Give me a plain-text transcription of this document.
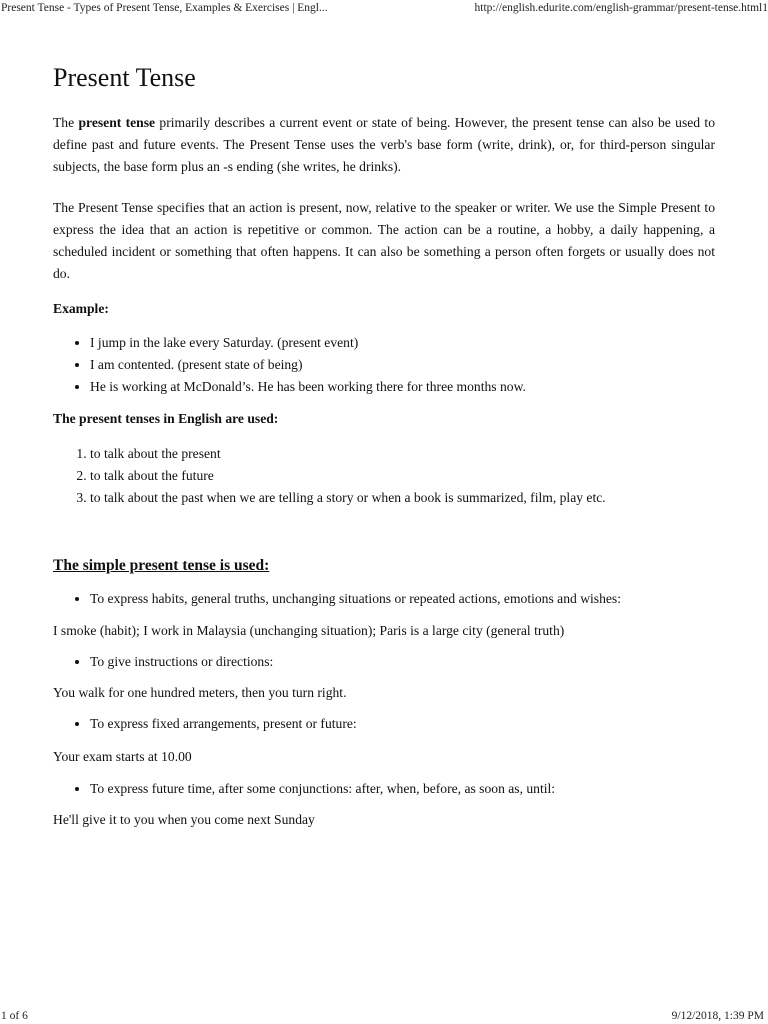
Present Tense - Types of Present Tense, Examples & Exercises | Engl...	http://english.edurite.com/english-grammar/present-tense.html1
Present Tense

The present tense primarily describes a current event or state of being. However, the present tense can also be used to define past and future events. The Present Tense uses the verb's base form (write, drink), or, for third-person singular subjects, the base form plus an -s ending (she writes, he drinks).

The Present Tense specifies that an action is present, now, relative to the speaker or writer. We use the Simple Present to express the idea that an action is repetitive or common. The action can be a routine, a hobby, a daily happening, a scheduled incident or something that often happens. It can also be something a person often forgets or usually does not do.

Example:

• I jump in the lake every Saturday. (present event)
• I am contented. (present state of being)
• He is working at McDonald’s. He has been working there for three months now.

The present tenses in English are used:

1. to talk about the present
2. to talk about the future
3. to talk about the past when we are telling a story or when a book is summarized, film, play etc.
The simple present tense is used:
• To express habits, general truths, unchanging situations or repeated actions, emotions and wishes:

I smoke (habit); I work in Malaysia (unchanging situation); Paris is a large city (general truth)

• To give instructions or directions:

You walk for one hundred meters, then you turn right.

• To express fixed arrangements, present or future:

Your exam starts at 10.00

• To express future time, after some conjunctions: after, when, before, as soon as, until:

He'll give it to you when you come next Sunday

1 of 6	9/12/2018, 1:39 PM
